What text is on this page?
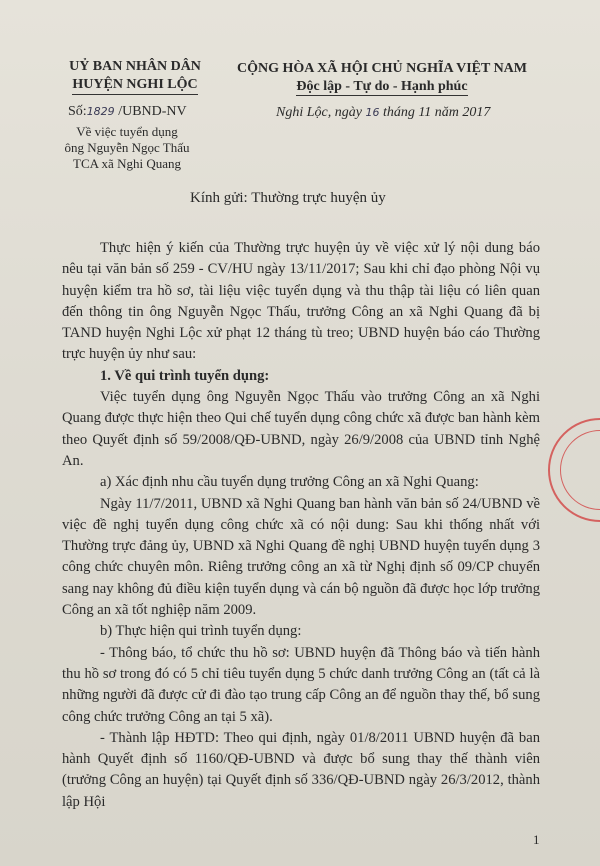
UỶ BAN NHÂN DÂN
HUYỆN NGHI LỘC
CỘNG HÒA XÃ HỘI CHỦ NGHĨA VIỆT NAM
Độc lập - Tự do - Hạnh phúc
Số:1829 /UBND-NV	Nghi Lộc, ngày 16 tháng 11 năm 2017
Về việc tuyển dụng
ông Nguyễn Ngọc Thấu
TCA xã Nghi Quang
Kính gửi: Thường trực huyện ủy

Thực hiện ý kiến của Thường trực huyện ủy về việc xử lý nội dung báo nêu tại văn bản số 259 - CV/HU ngày 13/11/2017; Sau khi chỉ đạo phòng Nội vụ huyện kiểm tra hồ sơ, tài liệu việc tuyển dụng và thu thập tài liệu có liên quan đến thông tin ông Nguyễn Ngọc Thấu, trưởng Công an xã Nghi Quang đã bị TAND huyện Nghi Lộc xử phạt 12 tháng tù treo; UBND huyện báo cáo Thường trực huyện ủy như sau:

1. Về qui trình tuyển dụng:

Việc tuyển dụng ông Nguyễn Ngọc Thấu vào trưởng Công an xã Nghi Quang được thực hiện theo Qui chế tuyển dụng công chức xã được ban hành kèm theo Quyết định số 59/2008/QĐ-UBND, ngày 26/9/2008 của UBND tỉnh Nghệ An.

a) Xác định nhu cầu tuyển dụng trưởng Công an xã Nghi Quang:

Ngày 11/7/2011, UBND xã Nghi Quang ban hành văn bản số 24/UBND về việc đề nghị tuyển dụng công chức xã có nội dung: Sau khi thống nhất với Thường trực đảng ủy, UBND xã Nghi Quang đề nghị UBND huyện tuyển dụng 3 công chức chuyên môn. Riêng trưởng công an xã từ Nghị định số 09/CP chuyển sang nay không đủ điều kiện tuyển dụng và cán bộ nguồn đã được học lớp trưởng Công an xã tốt nghiệp năm 2009.

b) Thực hiện qui trình tuyển dụng:

- Thông báo, tổ chức thu hồ sơ: UBND huyện đã Thông báo và tiến hành thu hồ sơ trong đó có 5 chỉ tiêu tuyển dụng 5 chức danh trưởng Công an (tất cả là những người đã được cử đi đào tạo trung cấp Công an để nguồn thay thế, bổ sung công chức trưởng Công an tại 5 xã).

- Thành lập HĐTD: Theo qui định, ngày 01/8/2011 UBND huyện đã ban hành Quyết định số 1160/QĐ-UBND và được bổ sung thay thế thành viên (trưởng Công an huyện) tại Quyết định số 336/QĐ-UBND ngày 26/3/2012, thành lập Hội

1
